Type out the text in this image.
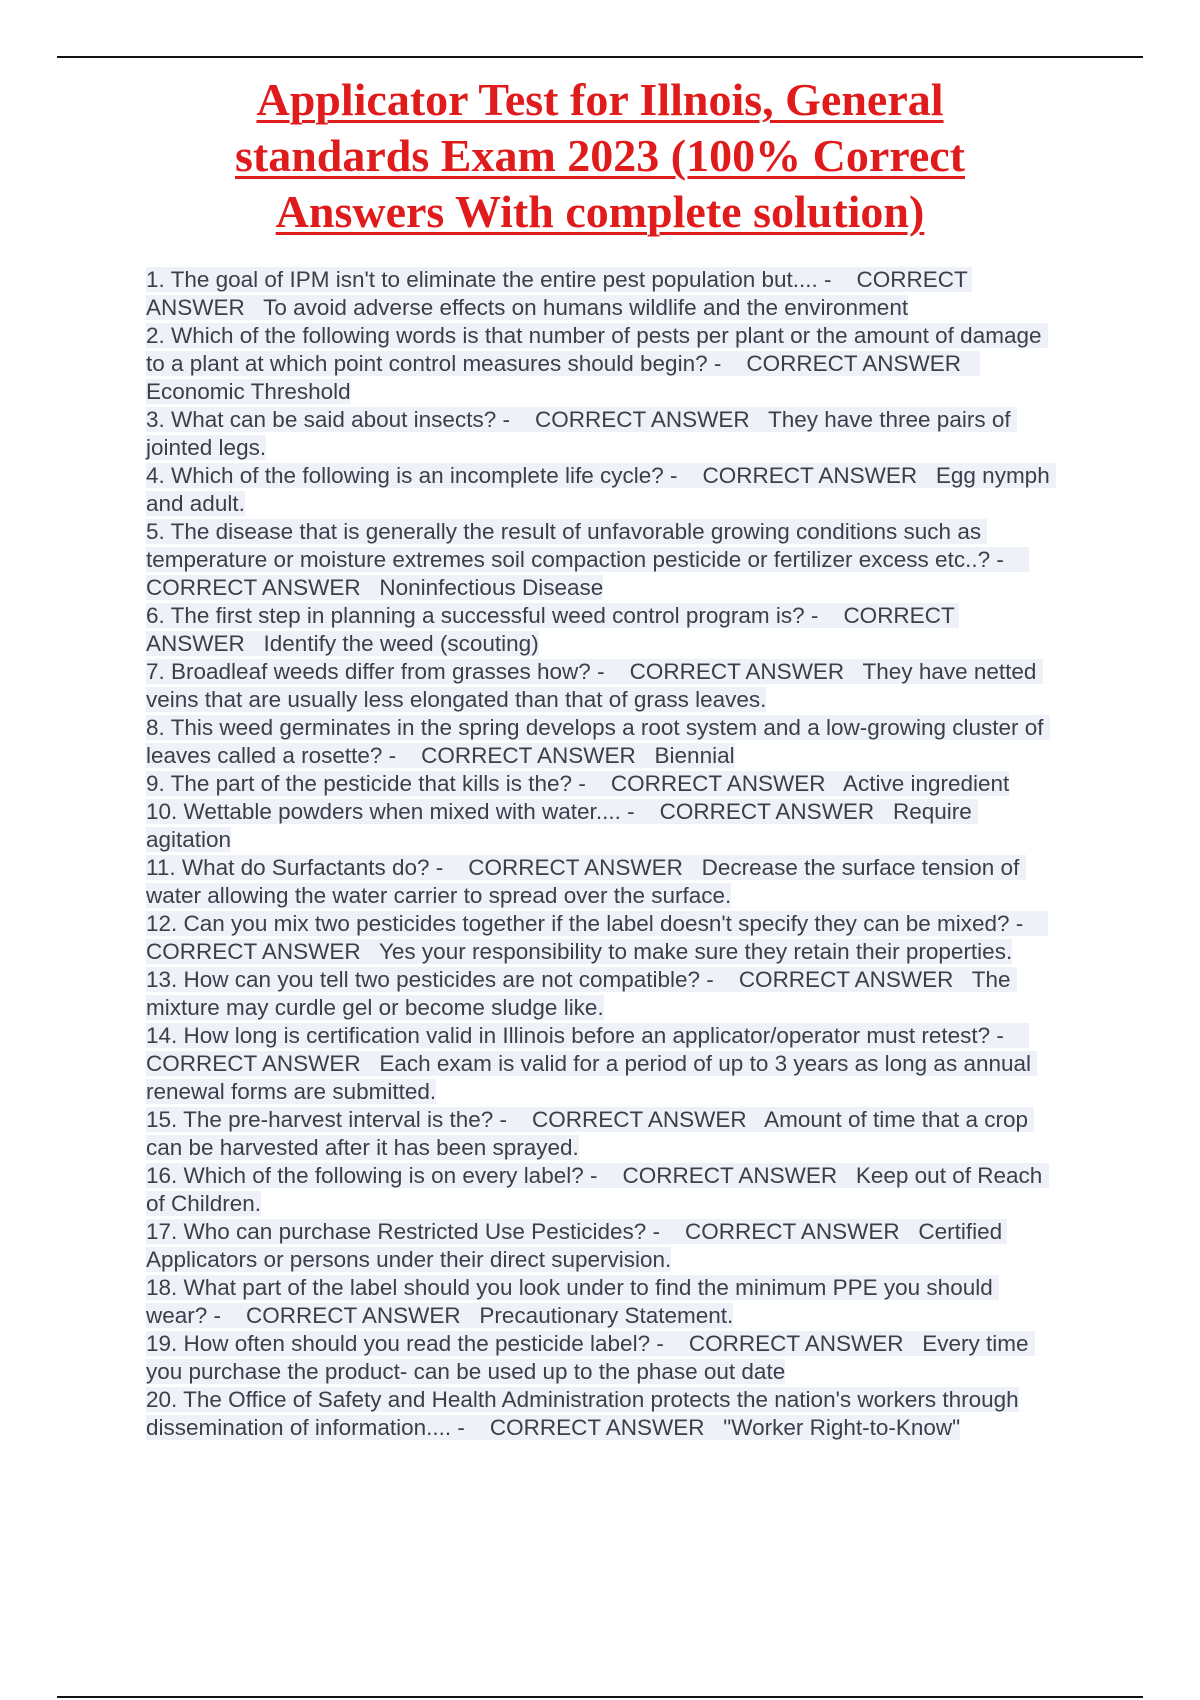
Applicator Test for Illnois, General standards Exam 2023 (100% Correct Answers With complete solution)
1. The goal of IPM isn't to eliminate the entire pest population but.... - CORRECT ANSWER To avoid adverse effects on humans wildlife and the environment
2. Which of the following words is that number of pests per plant or the amount of damage to a plant at which point control measures should begin? - CORRECT ANSWER   Economic Threshold
3. What can be said about insects? - CORRECT ANSWER They have three pairs of jointed legs.
4. Which of the following is an incomplete life cycle? - CORRECT ANSWER Egg nymph and adult.
5. The disease that is generally the result of unfavorable growing conditions such as temperature or moisture extremes soil compaction pesticide or fertilizer excess etc..? -    CORRECT ANSWER Noninfectious Disease
6. The first step in planning a successful weed control program is? - CORRECT ANSWER Identify the weed (scouting)
7. Broadleaf weeds differ from grasses how? - CORRECT ANSWER They have netted veins that are usually less elongated than that of grass leaves.
8. This weed germinates in the spring develops a root system and a low-growing cluster of leaves called a rosette? - CORRECT ANSWER Biennial
9. The part of the pesticide that kills is the? - CORRECT ANSWER Active ingredient
10. Wettable powders when mixed with water.... - CORRECT ANSWER Require agitation
11. What do Surfactants do? - CORRECT ANSWER Decrease the surface tension of water allowing the water carrier to spread over the surface.
12. Can you mix two pesticides together if the label doesn't specify they can be mixed? -    CORRECT ANSWER Yes your responsibility to make sure they retain their properties.
13. How can you tell two pesticides are not compatible? - CORRECT ANSWER The mixture may curdle gel or become sludge like.
14. How long is certification valid in Illinois before an applicator/operator must retest? -    CORRECT ANSWER Each exam is valid for a period of up to 3 years as long as annual renewal forms are submitted.
15. The pre-harvest interval is the? - CORRECT ANSWER Amount of time that a crop can be harvested after it has been sprayed.
16. Which of the following is on every label? - CORRECT ANSWER Keep out of Reach of Children.
17. Who can purchase Restricted Use Pesticides? - CORRECT ANSWER Certified Applicators or persons under their direct supervision.
18. What part of the label should you look under to find the minimum PPE you should wear? - CORRECT ANSWER Precautionary Statement.
19. How often should you read the pesticide label? - CORRECT ANSWER Every time you purchase the product- can be used up to the phase out date
20. The Office of Safety and Health Administration protects the nation's workers through
dissemination of information.... - CORRECT ANSWER "Worker Right-to-Know"
